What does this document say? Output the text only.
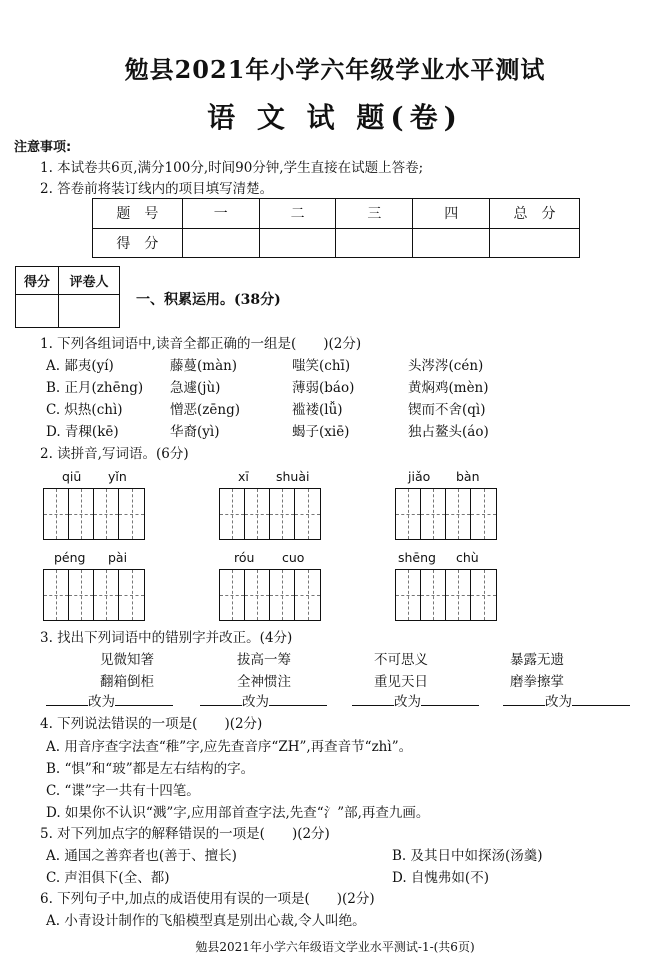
勉县2021年小学六年级学业水平测试
语 文 试 题(卷)
注意事项:
1. 本试卷共6页,满分100分,时间90分钟,学生直接在试题上答卷;
2. 答卷前将装订线内的项目填写清楚。
题　号	一	二	三	四	总　分
得　分					
得分	评卷人

一、积累运用。(38分)
1. 下列各组词语中,读音全都正确的一组是(　　)(2分)
A. 鄙夷(yí)	藤蔓(màn)	嗤笑(chī)	头涔涔(cén)
B. 正月(zhēng) 急遽(jù)	薄弱(báo)	黄焖鸡(mèn)
C. 炽热(chì)	憎恶(zēng)	褴褛(lǚ)	锲而不舍(qì)
D. 青稞(kē)	华裔(yì)	蝎子(xiē)	独占鳌头(áo)
2. 读拼音,写词语。(6分)
qiū yǐn	xī shuài	jiǎo bàn
péng pài	róu cuo	shēng chù
3. 找出下列词语中的错别字并改正。(4分)
见微知箸	拔高一筹	不可思义	暴露无遗
翻箱倒柜	全神惯注	重见天日	磨拳擦掌
改为	改为	改为	改为
4. 下列说法错误的一项是(　　)(2分)
A. 用音序查字法查“稚”字,应先查音序“ZH”,再查音节“zhì”。
B. “惧”和“玻”都是左右结构的字。
C. “谍”字一共有十四笔。
D. 如果你不认识“溅”字,应用部首查字法,先查“氵”部,再查九画。
5. 对下列加点字的解释错误的一项是(　　)(2分)
A. 通国之善弈者也(善于、擅长)	B. 及其日中如探汤(汤羹)
C. 声泪俱下(全、都)	D. 自愧弗如(不)
6. 下列句子中,加点的成语使用有误的一项是(　　)(2分)
A. 小青设计制作的飞船模型真是别出心裁,令人叫绝。
勉县2021年小学六年级语文学业水平测试-1-(共6页)
